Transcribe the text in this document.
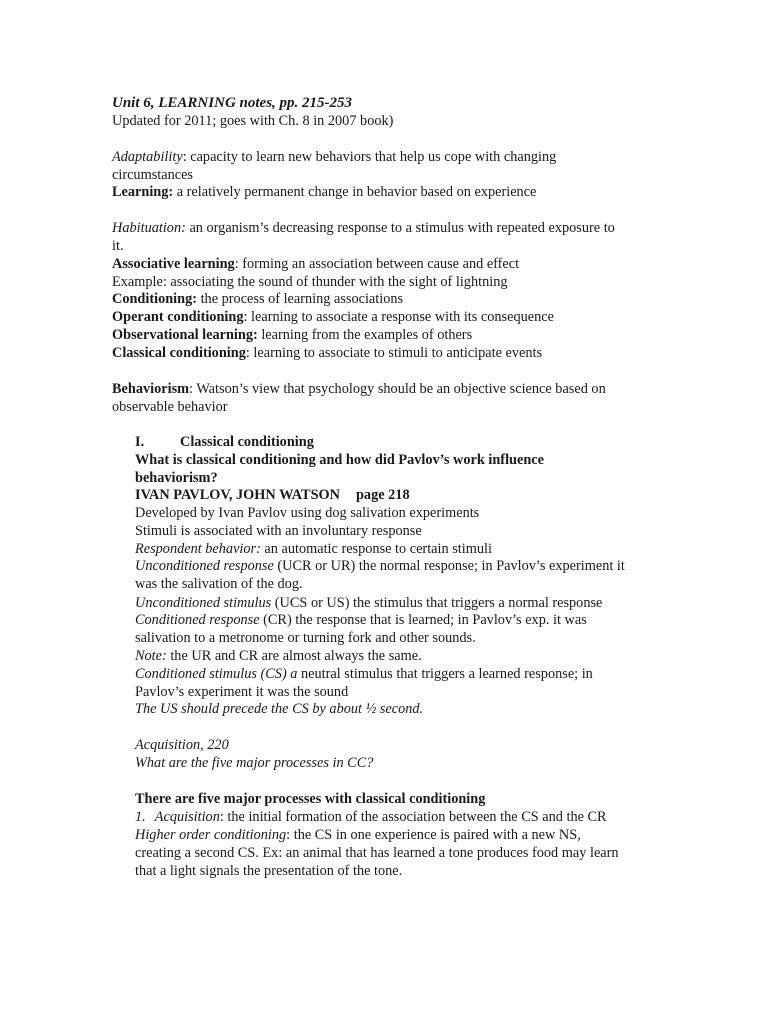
Unit 6, LEARNING notes, pp. 215-253
Updated for 2011; goes with Ch. 8 in 2007 book)
Adaptability: capacity to learn new behaviors that help us cope with changing
circumstances
Learning: a relatively permanent change in behavior based on experience
Habituation: an organism’s decreasing response to a stimulus with repeated exposure to
it.
Associative learning: forming an association between cause and effect
Example: associating the sound of thunder with the sight of lightning
Conditioning: the process of learning associations
Operant conditioning: learning to associate a response with its consequence
Observational learning: learning from the examples of others
Classical conditioning: learning to associate to stimuli to anticipate events
Behaviorism: Watson’s view that psychology should be an objective science based on
observable behavior
I.	Classical conditioning
What is classical conditioning and how did Pavlov’s work influence
behaviorism?
IVAN PAVLOV, JOHN WATSON page 218
Developed by Ivan Pavlov using dog salivation experiments
Stimuli is associated with an involuntary response
Respondent behavior: an automatic response to certain stimuli
Unconditioned response (UCR or UR) the normal response; in Pavlov’s experiment it
was the salivation of the dog.
Unconditioned stimulus (UCS or US) the stimulus that triggers a normal response
Conditioned response (CR) the response that is learned; in Pavlov’s exp. it was
salivation to a metronome or turning fork and other sounds.
Note: the UR and CR are almost always the same.
Conditioned stimulus (CS) a neutral stimulus that triggers a learned response; in
Pavlov’s experiment it was the sound
The US should precede the CS by about ½ second.
Acquisition, 220
What are the five major processes in CC?
There are five major processes with classical conditioning
1. Acquisition: the initial formation of the association between the CS and the CR
Higher order conditioning: the CS in one experience is paired with a new NS,
creating a second CS. Ex: an animal that has learned a tone produces food may learn
that a light signals the presentation of the tone.
